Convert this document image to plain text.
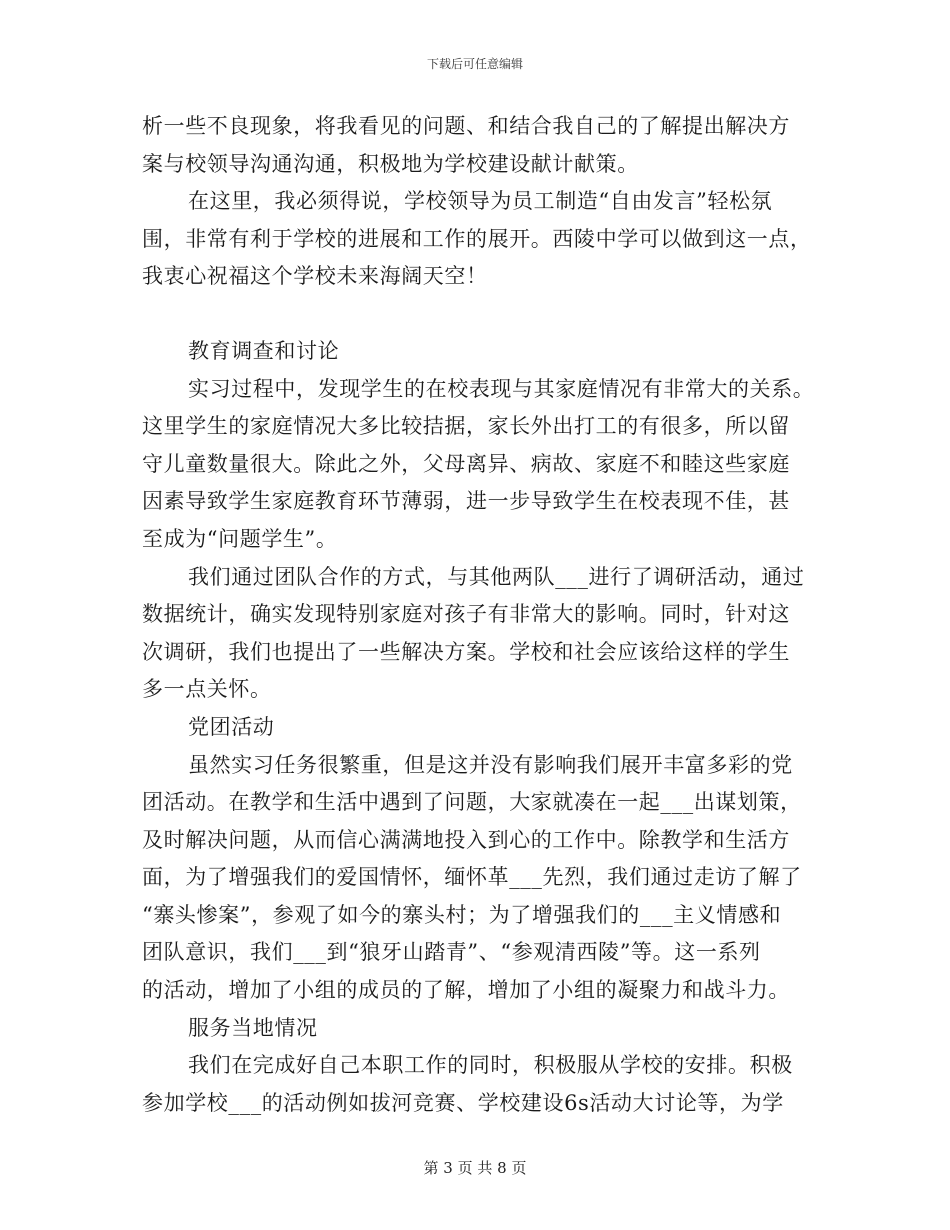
下载后可任意编辑
析一些不良现象，将我看见的问题、和结合我自己的了解提出解决方
案与校领导沟通沟通，积极地为学校建设献计献策。
在这里，我必须得说，学校领导为员工制造“自由发言”轻松氛
围，非常有利于学校的进展和工作的展开。西陵中学可以做到这一点，
我衷心祝福这个学校未来海阔天空！
教育调查和讨论
实习过程中，发现学生的在校表现与其家庭情况有非常大的关系。
这里学生的家庭情况大多比较拮据，家长外出打工的有很多，所以留
守儿童数量很大。除此之外，父母离异、病故、家庭不和睦这些家庭
因素导致学生家庭教育环节薄弱，进一步导致学生在校表现不佳，甚
至成为“问题学生”。
我们通过团队合作的方式，与其他两队___进行了调研活动，通过
数据统计，确实发现特别家庭对孩子有非常大的影响。同时，针对这
次调研，我们也提出了一些解决方案。学校和社会应该给这样的学生
多一点关怀。
党团活动
虽然实习任务很繁重，但是这并没有影响我们展开丰富多彩的党
团活动。在教学和生活中遇到了问题，大家就凑在一起___出谋划策，
及时解决问题，从而信心满满地投入到心的工作中。除教学和生活方
面，为了增强我们的爱国情怀，缅怀革___先烈，我们通过走访了解了
“寨头惨案”，参观了如今的寨头村；为了增强我们的___主义情感和
团队意识，我们___到“狼牙山踏青”、“参观清西陵”等。这一系列
的活动，增加了小组的成员的了解，增加了小组的凝聚力和战斗力。
服务当地情况
我们在完成好自己本职工作的同时，积极服从学校的安排。积极
参加学校___的活动例如拔河竞赛、学校建设6s活动大讨论等，为学
第 3 页 共 8 页
